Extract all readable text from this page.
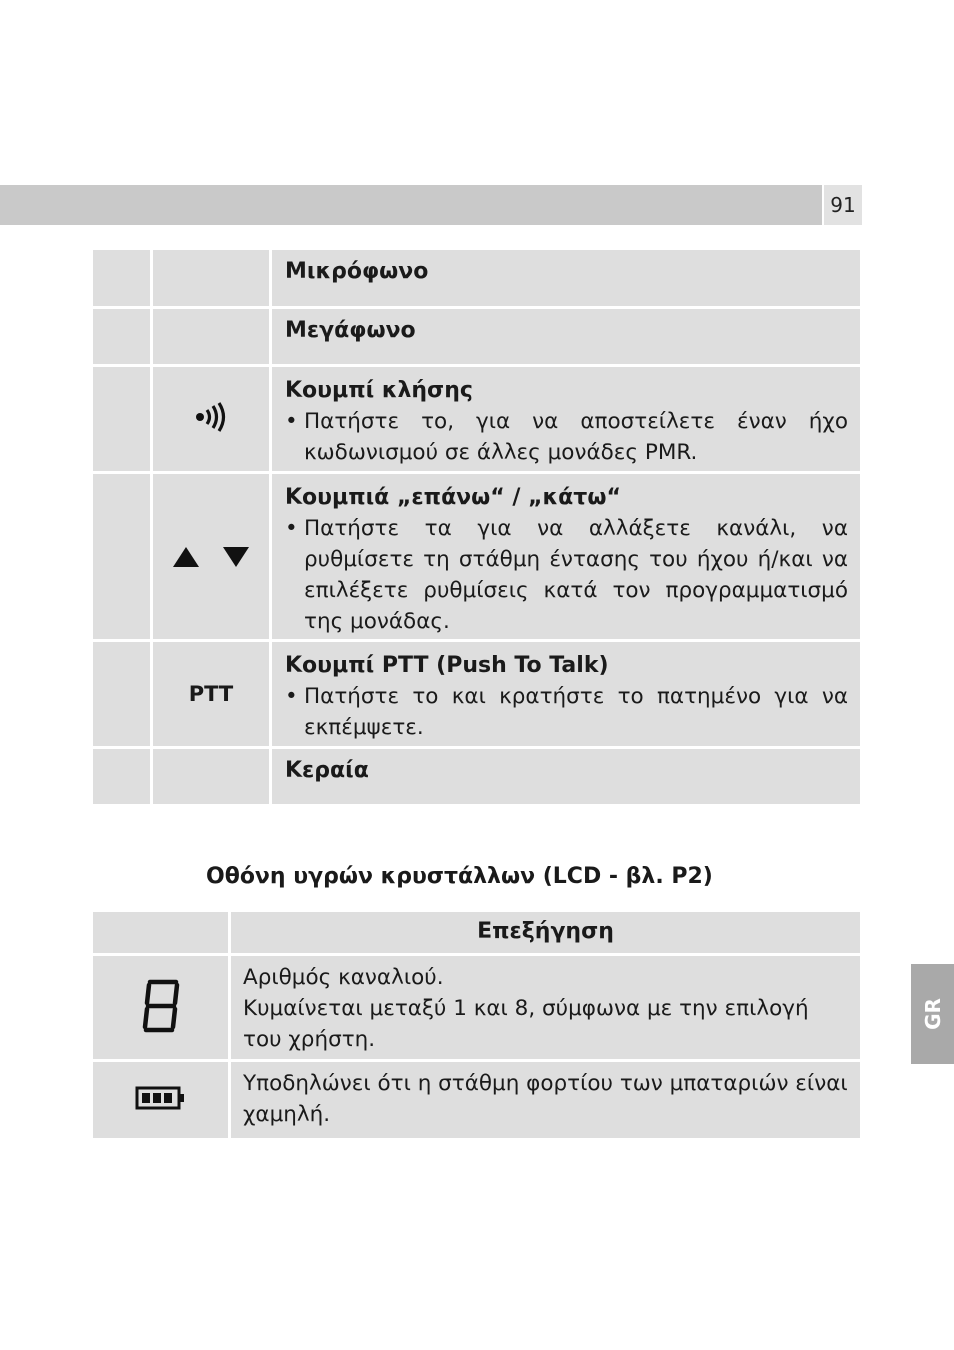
91
GR
Μικρόφωνο
Μεγάφωνο
Κουμπί κλήσης
• Πατήστε το, για να αποστείλετε έναν ήχο κωδωνισμού σε άλλες μονάδες PMR.
Κουμπιά „επάνω“ / „κάτω“
• Πατήστε τα για να αλλάξετε κανάλι, να ρυθμίσετε τη στάθμη έντασης του ήχου ή/και να επιλέξετε ρυθμίσεις κατά τον προγραμματισμό της μονάδας.
PTT
Κουμπί PTT (Push To Talk)
• Πατήστε το και κρατήστε το πατημένο για να εκπέμψετε.
Κεραία
Οθόνη υγρών κρυστάλλων (LCD - βλ. P2)
Επεξήγηση
Αριθμός καναλιού.
Κυμαίνεται μεταξύ 1 και 8, σύμφωνα με την επιλογή του χρήστη.
Υποδηλώνει ότι η στάθμη φορτίου των μπαταριών είναι χαμηλή.
